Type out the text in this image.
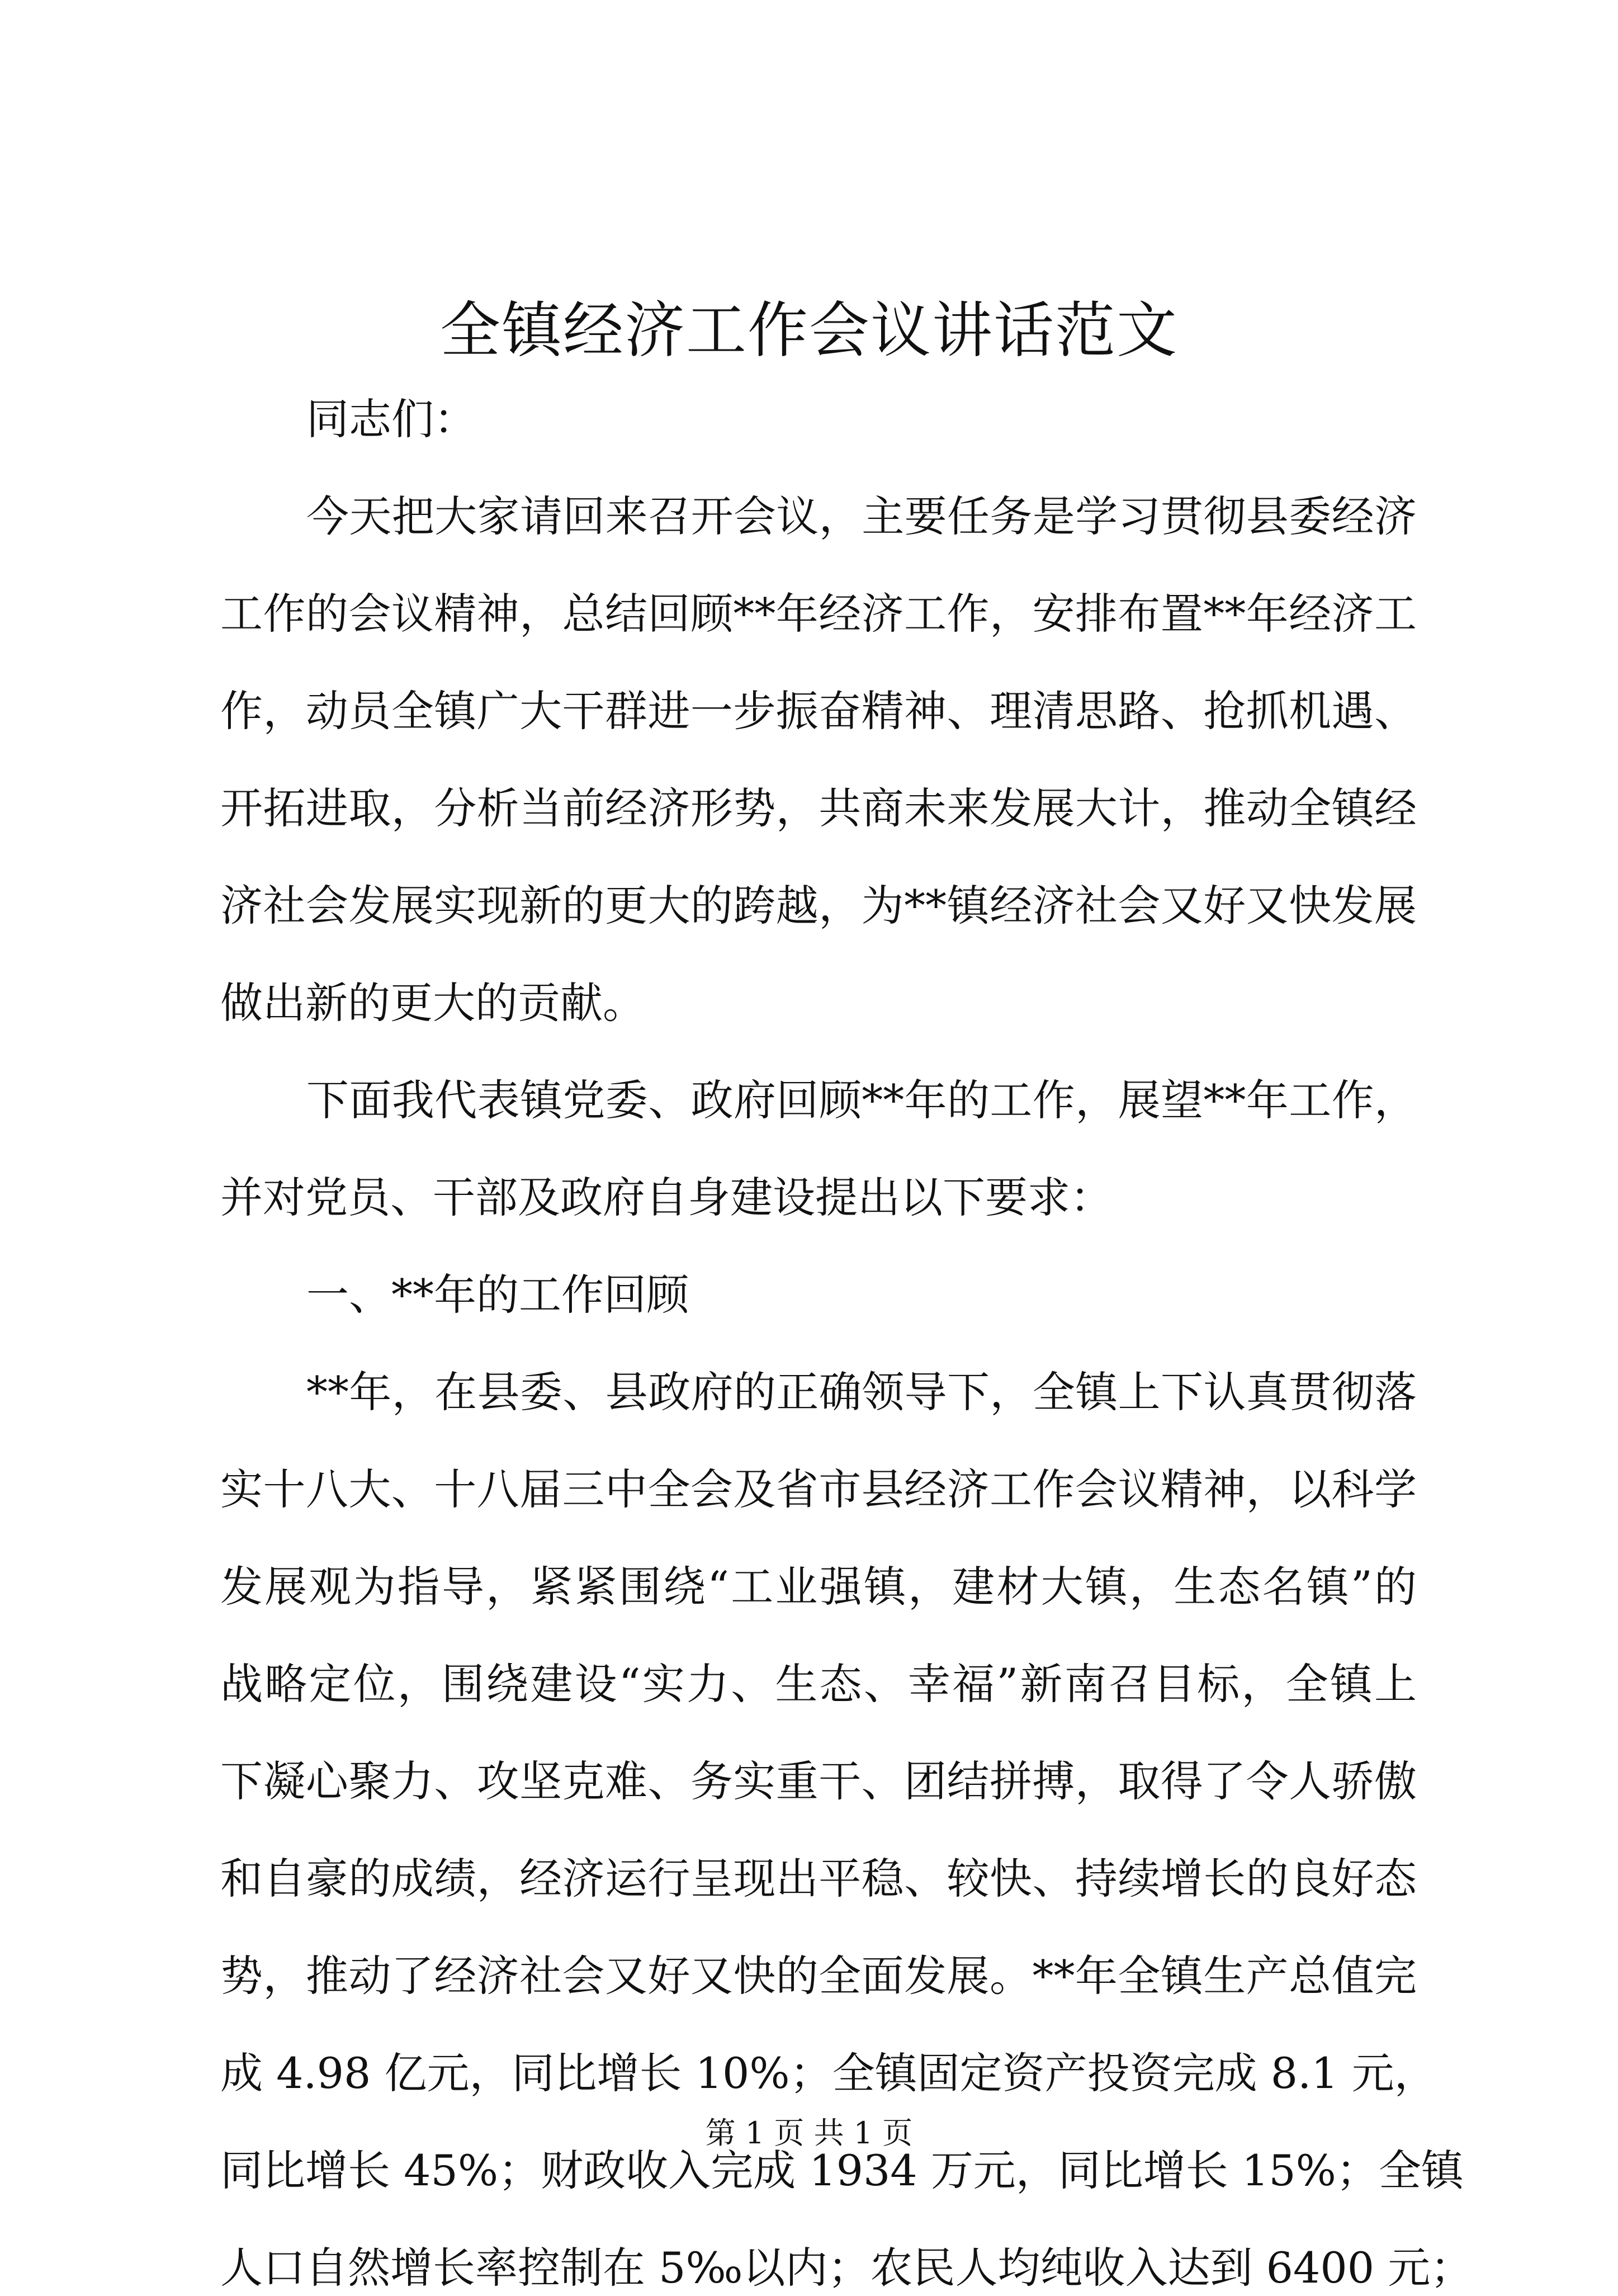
全镇经济工作会议讲话范文

同志们：

今天把大家请回来召开会议，主要任务是学习贯彻县委经济

工作的会议精神，总结回顾**年经济工作，安排布置**年经济工

作，动员全镇广大干群进一步振奋精神、理清思路、抢抓机遇、

开拓进取，分析当前经济形势，共商未来发展大计，推动全镇经

济社会发展实现新的更大的跨越，为**镇经济社会又好又快发展

做出新的更大的贡献。

下面我代表镇党委、政府回顾**年的工作，展望**年工作，

并对党员、干部及政府自身建设提出以下要求：

一、**年的工作回顾

**年，在县委、县政府的正确领导下，全镇上下认真贯彻落

实十八大、十八届三中全会及省市县经济工作会议精神，以科学

发展观为指导，紧紧围绕“工业强镇，建材大镇，生态名镇”的

战略定位，围绕建设“实力、生态、幸福”新南召目标，全镇上

下凝心聚力、攻坚克难、务实重干、团结拼搏，取得了令人骄傲

和自豪的成绩，经济运行呈现出平稳、较快、持续增长的良好态

势，推动了经济社会又好又快的全面发展。**年全镇生产总值完

成 4.98 亿元，同比增长 10%；全镇固定资产投资完成 8.1 元，

同比增长 45%；财政收入完成 1934 万元，同比增长 15%；全镇

人口自然增长率控制在 5‰以内；农民人均纯收入达到 6400 元；

第 1 页 共 1 页
